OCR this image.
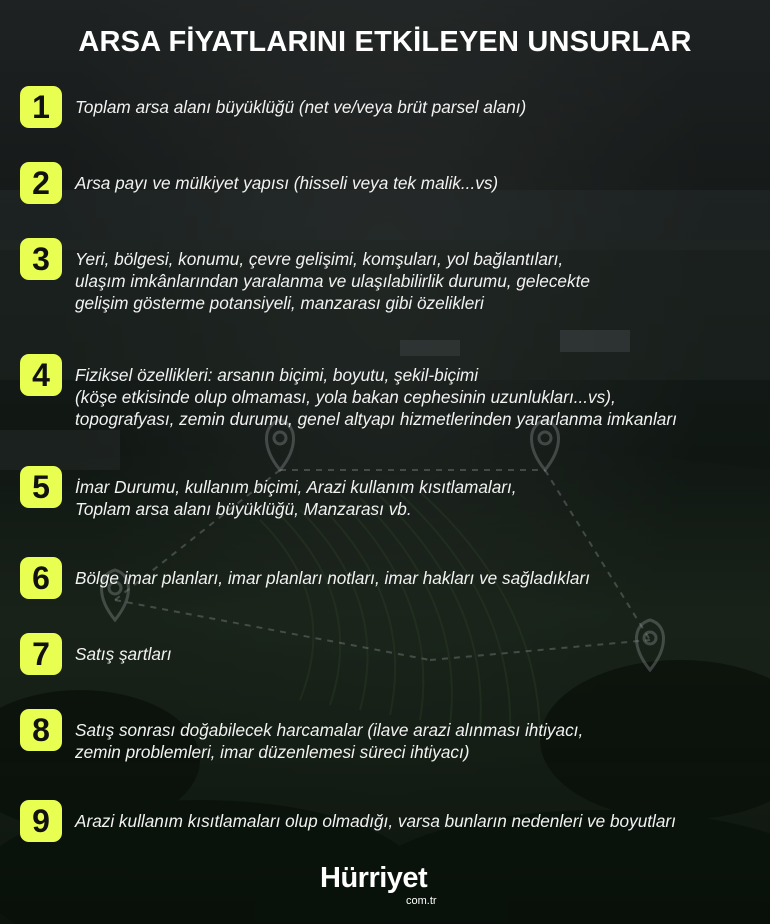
ARSA FİYATLARINI ETKİLEYEN UNSURLAR
1	Toplam arsa alanı büyüklüğü (net ve/veya brüt parsel alanı)
2	Arsa payı ve mülkiyet yapısı (hisseli veya tek malik...vs)
3	Yeri, bölgesi, konumu, çevre gelişimi, komşuları, yol bağlantıları,
ulaşım imkânlarından yaralanma ve ulaşılabilirlik durumu, gelecekte
gelişim gösterme potansiyeli, manzarası gibi özelikleri
4	Fiziksel özellikleri: arsanın biçimi, boyutu, şekil-biçimi
(köşe etkisinde olup olmaması, yola bakan cephesinin uzunlukları...vs),
topografyası, zemin durumu, genel altyapı hizmetlerinden yararlanma imkanları
5	İmar Durumu, kullanım biçimi, Arazi kullanım kısıtlamaları,
Toplam arsa alanı büyüklüğü, Manzarası vb.
6	Bölge imar planları, imar planları notları, imar hakları ve sağladıkları
7	Satış şartları
8	Satış sonrası doğabilecek harcamalar (ilave arazi alınması ihtiyacı,
zemin problemleri, imar düzenlemesi süreci ihtiyacı)
9	Arazi kullanım kısıtlamaları olup olmadığı, varsa bunların nedenleri ve boyutları
Hürriyet
com.tr
